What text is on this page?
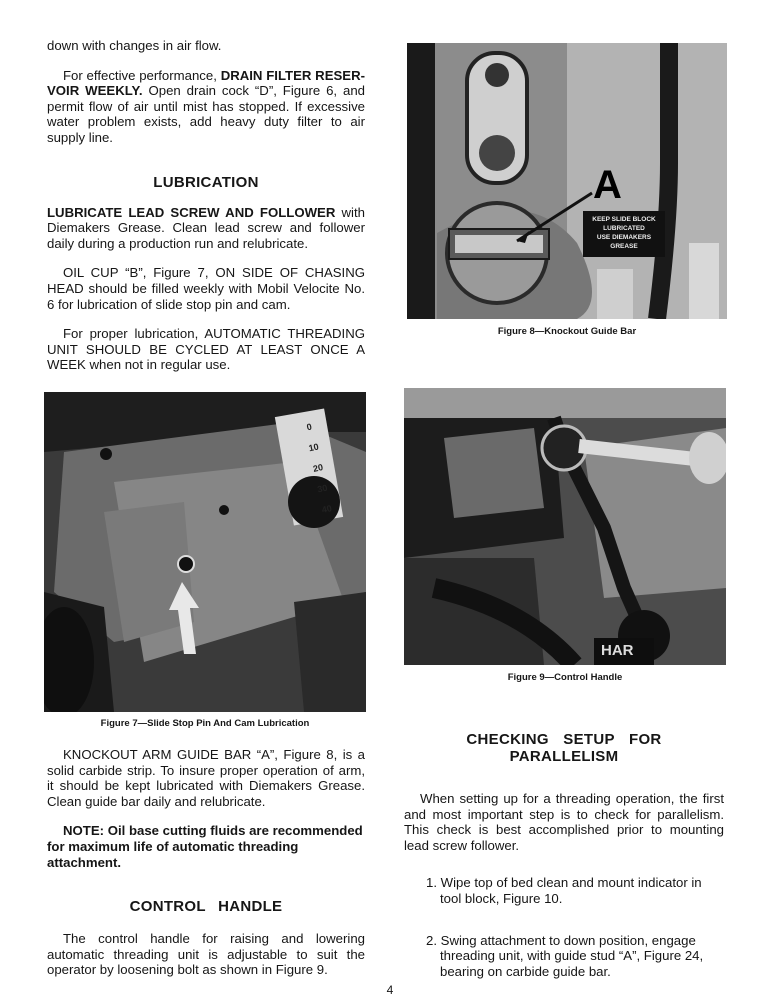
down with changes in air flow.

For effective performance, DRAIN FILTER RESER-VOIR WEEKLY. Open drain cock “D”, Figure 6, and permit flow of air until mist has stopped. If excessive water problem exists, add heavy duty filter to air supply line.

LUBRICATION

LUBRICATE LEAD SCREW AND FOLLOWER with Diemakers Grease. Clean lead screw and follower daily during a production run and relubricate.

OIL CUP “B”, Figure 7, ON SIDE OF CHASING HEAD should be filled weekly with Mobil Velocite No. 6 for lubrication of slide stop pin and cam.

For proper lubrication, AUTOMATIC THREADING UNIT SHOULD BE CYCLED AT LEAST ONCE A WEEK when not in regular use.

0
10
20
30
40
Figure 7—Slide Stop Pin And Cam Lubrication

KNOCKOUT ARM GUIDE BAR “A”, Figure 8, is a solid carbide strip. To insure proper operation of arm, it should be kept lubricated with Diemakers Grease. Clean guide bar daily and relubricate.

NOTE: Oil base cutting fluids are recommended for maximum life of automatic threading attachment.

CONTROL HANDLE

The control handle for raising and lowering automatic threading unit is adjustable to suit the operator by loosening bolt as shown in Figure 9.

A
KEEP SLIDE BLOCK
LUBRICATED
USE DIEMAKERS
GREASE
Figure 8—Knockout Guide Bar
HAR
Figure 9—Control Handle
CHECKING SETUP FOR
PARALLELISM

When setting up for a threading operation, the first and most important step is to check for parallelism. This check is best accomplished prior to mounting lead screw follower.

1. Wipe top of bed clean and mount indicator in tool block, Figure 10.

2. Swing attachment to down position, engage threading unit, with guide stud “A”, Figure 24, bearing on carbide guide bar.

4
